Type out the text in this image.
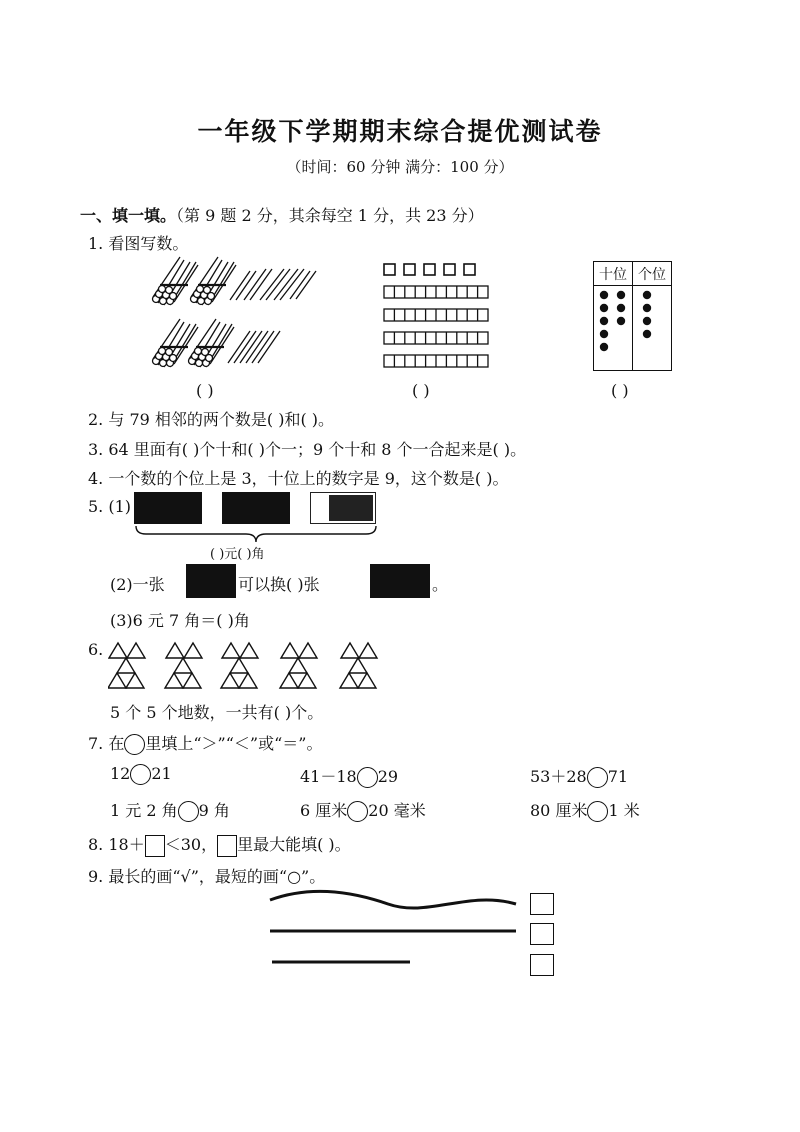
一年级下学期期末综合提优测试卷
（时间：60 分钟 满分：100 分）
一、填一填。（第 9 题 2 分，其余每空 1 分，共 23 分）
1. 看图写数。
十位	个位

( )	( )	( )
2. 与 79 相邻的两个数是( )和( )。
3. 64 里面有( )个十和( )个一；9 个十和 8 个一合起来是( )。
4. 一个数的个位上是 3，十位上的数字是 9，这个数是( )。
5. (1)
( )元( )角
(2)一张	可以换( )张	。
(3)6 元 7 角＝( )角
6.
5 个 5 个地数，一共有( )个。
7. 在 里填上“＞”“＜”或“＝”。
12 21	41－18 29	53＋28 71
1 元 2 角 9 角	6 厘米 20 毫米	80 厘米 1 米
8. 18＋ ＜30， 里最大能填( )。
9. 最长的画“√”，最短的画“○”。
